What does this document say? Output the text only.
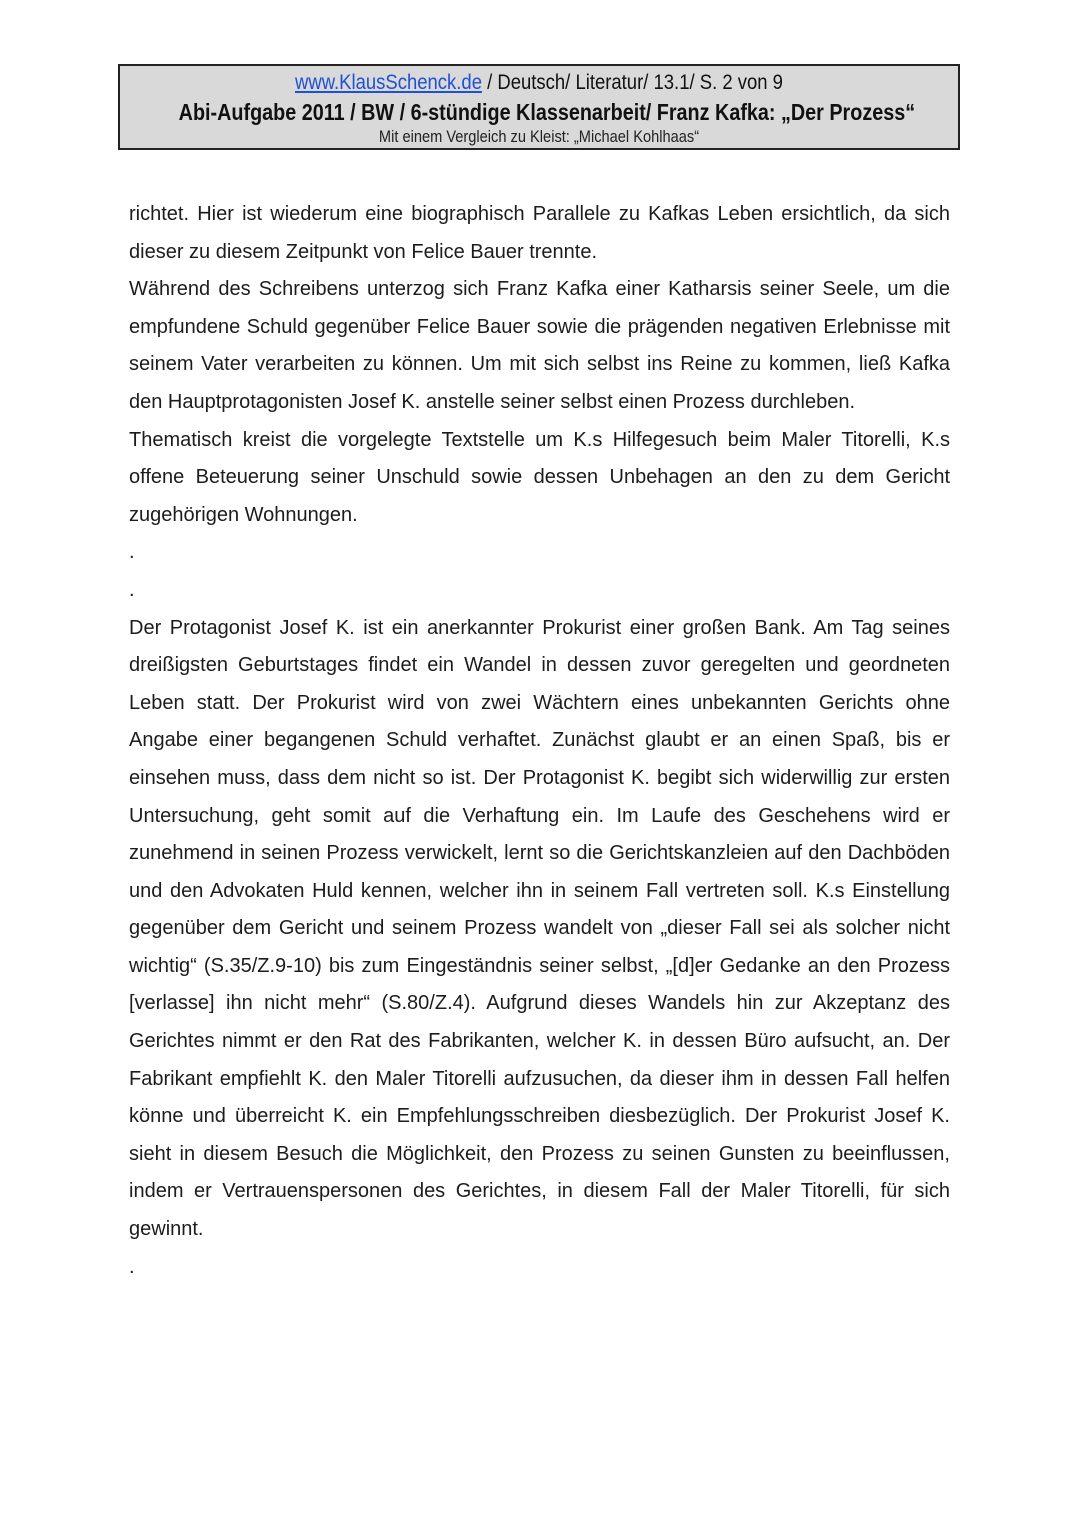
www.KlausSchenck.de / Deutsch/ Literatur/ 13.1/ S. 2 von 9
Abi-Aufgabe 2011 / BW / 6-stündige Klassenarbeit/ Franz Kafka: „Der Prozess“
Mit einem Vergleich zu Kleist: „Michael Kohlhaas“

richtet. Hier ist wiederum eine biographisch Parallele zu Kafkas Leben ersichtlich, da sich dieser zu diesem Zeitpunkt von Felice Bauer trennte.

Während des Schreibens unterzog sich Franz Kafka einer Katharsis seiner Seele, um die empfundene Schuld gegenüber Felice Bauer sowie die prägenden negativen Erlebnisse mit seinem Vater verarbeiten zu können. Um mit sich selbst ins Reine zu kommen, ließ Kafka den Hauptprotagonisten Josef K. anstelle seiner selbst einen Prozess durchleben.

Thematisch kreist die vorgelegte Textstelle um K.s Hilfegesuch beim Maler Titorelli, K.s offene Beteuerung seiner Unschuld sowie dessen Unbehagen an den zu dem Gericht zugehörigen Wohnungen.

.

.

Der Protagonist Josef K. ist ein anerkannter Prokurist einer großen Bank. Am Tag seines dreißigsten Geburtstages findet ein Wandel in dessen zuvor geregelten und geordneten Leben statt. Der Prokurist wird von zwei Wächtern eines unbekannten Gerichts ohne Angabe einer begangenen Schuld verhaftet. Zunächst glaubt er an einen Spaß, bis er einsehen muss, dass dem nicht so ist. Der Protagonist K. begibt sich widerwillig zur ersten Untersuchung, geht somit auf die Verhaftung ein. Im Laufe des Geschehens wird er zunehmend in seinen Prozess verwickelt, lernt so die Gerichtskanzleien auf den Dachböden und den Advokaten Huld kennen, welcher ihn in seinem Fall vertreten soll. K.s Einstellung gegenüber dem Gericht und seinem Prozess wandelt von „dieser Fall sei als solcher nicht wichtig“ (S.35/Z.9-10) bis zum Eingeständnis seiner selbst, „[d]er Gedanke an den Prozess [verlasse] ihn nicht mehr“ (S.80/Z.4). Aufgrund dieses Wandels hin zur Akzeptanz des Gerichtes nimmt er den Rat des Fabrikanten, welcher K. in dessen Büro aufsucht, an. Der Fabrikant empfiehlt K. den Maler Titorelli aufzusuchen, da dieser ihm in dessen Fall helfen könne und überreicht K. ein Empfehlungsschreiben diesbezüglich. Der Prokurist Josef K. sieht in diesem Besuch die Möglichkeit, den Prozess zu seinen Gunsten zu beeinflussen, indem er Vertrauenspersonen des Gerichtes, in diesem Fall der Maler Titorelli, für sich gewinnt.

.
